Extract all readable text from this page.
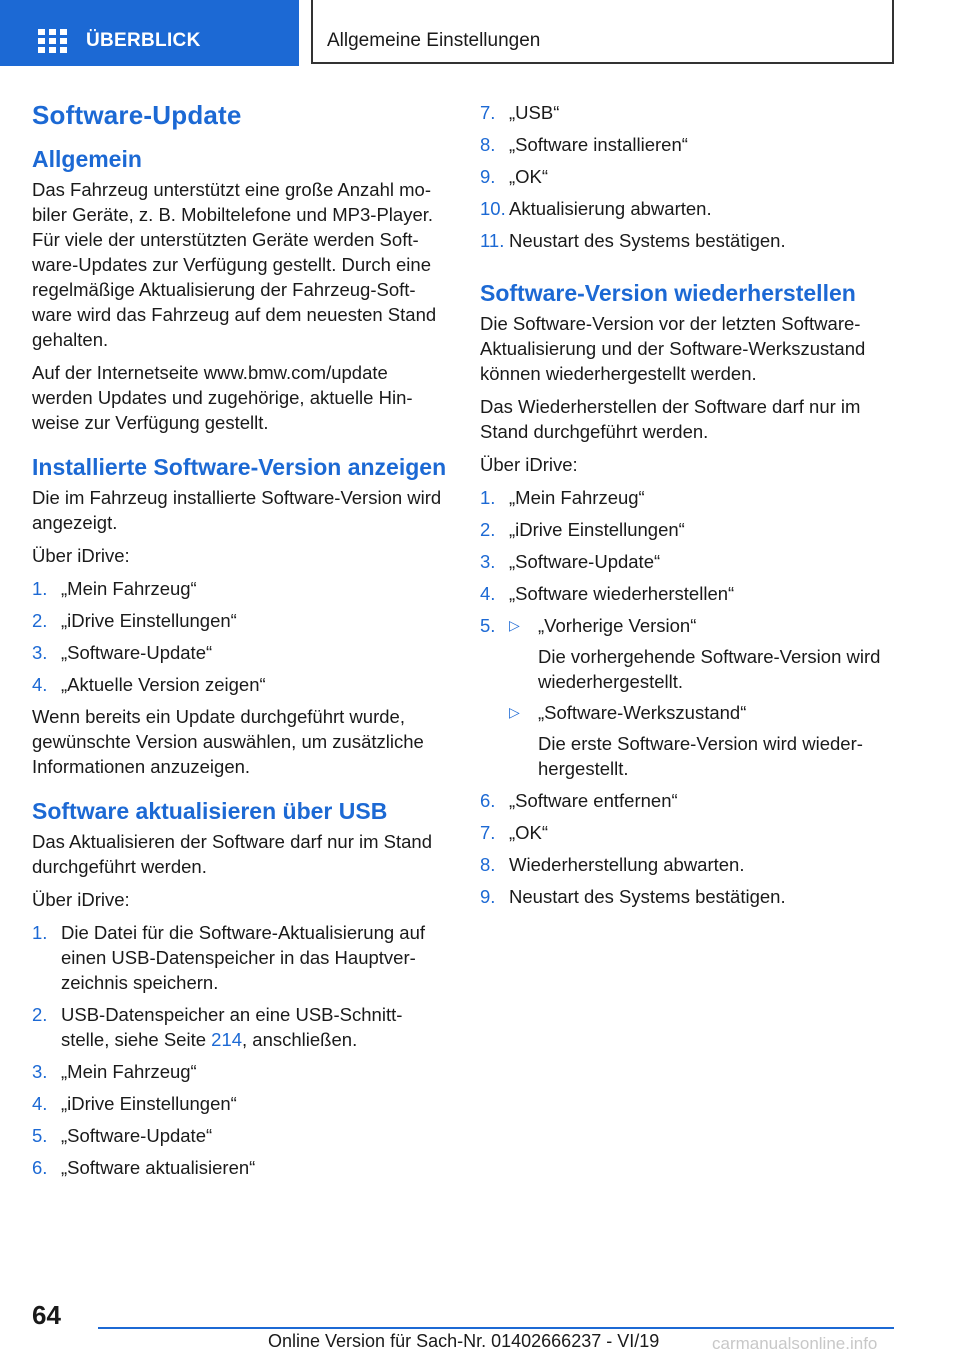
ÜBERBLICK	Allgemeine Einstellungen
Software-Update
Allgemein

Das Fahrzeug unterstützt eine große Anzahl mo-biler Geräte, z. B. Mobiltelefone und MP3-Player. Für viele der unterstützten Geräte werden Soft-ware-Updates zur Verfügung gestellt. Durch eine regelmäßige Aktualisierung der Fahrzeug-Soft-ware wird das Fahrzeug auf dem neuesten Stand gehalten.

Auf der Internetseite www.bmw.com/update werden Updates und zugehörige, aktuelle Hin-weise zur Verfügung gestellt.

Installierte Software-Version anzeigen

Die im Fahrzeug installierte Software-Version wird angezeigt.

Über iDrive:

1. „Mein Fahrzeug“
2. „iDrive Einstellungen“
3. „Software-Update“
4. „Aktuelle Version zeigen“

Wenn bereits ein Update durchgeführt wurde, gewünschte Version auswählen, um zusätzliche Informationen anzuzeigen.

Software aktualisieren über USB

Das Aktualisieren der Software darf nur im Stand durchgeführt werden.

Über iDrive:

1. Die Datei für die Software-Aktualisierung auf einen USB-Datenspeicher in das Hauptver-zeichnis speichern.
2. USB-Datenspeicher an eine USB-Schnitt-stelle, siehe Seite 214, anschließen.
3. „Mein Fahrzeug“
4. „iDrive Einstellungen“
5. „Software-Update“
6. „Software aktualisieren“
7. „USB“
8. „Software installieren“
9. „OK“
10. Aktualisierung abwarten.
11. Neustart des Systems bestätigen.
Software-Version wiederherstellen

Die Software-Version vor der letzten Software-Aktualisierung und der Software-Werkszustand können wiederhergestellt werden.

Das Wiederherstellen der Software darf nur im Stand durchgeführt werden.

Über iDrive:

1. „Mein Fahrzeug“
2. „iDrive Einstellungen“
3. „Software-Update“
4. „Software wiederherstellen“
5. ▷ „Vorherige Version“
Die vorhergehende Software-Version wird wiederhergestellt.
▷ „Software-Werkszustand“
Die erste Software-Version wird wieder-hergestellt.
6. „Software entfernen“
7. „OK“
8. Wiederherstellung abwarten.
9. Neustart des Systems bestätigen.
64
Online Version für Sach-Nr. 01402666237 - VI/19	carmanualsonline.info
